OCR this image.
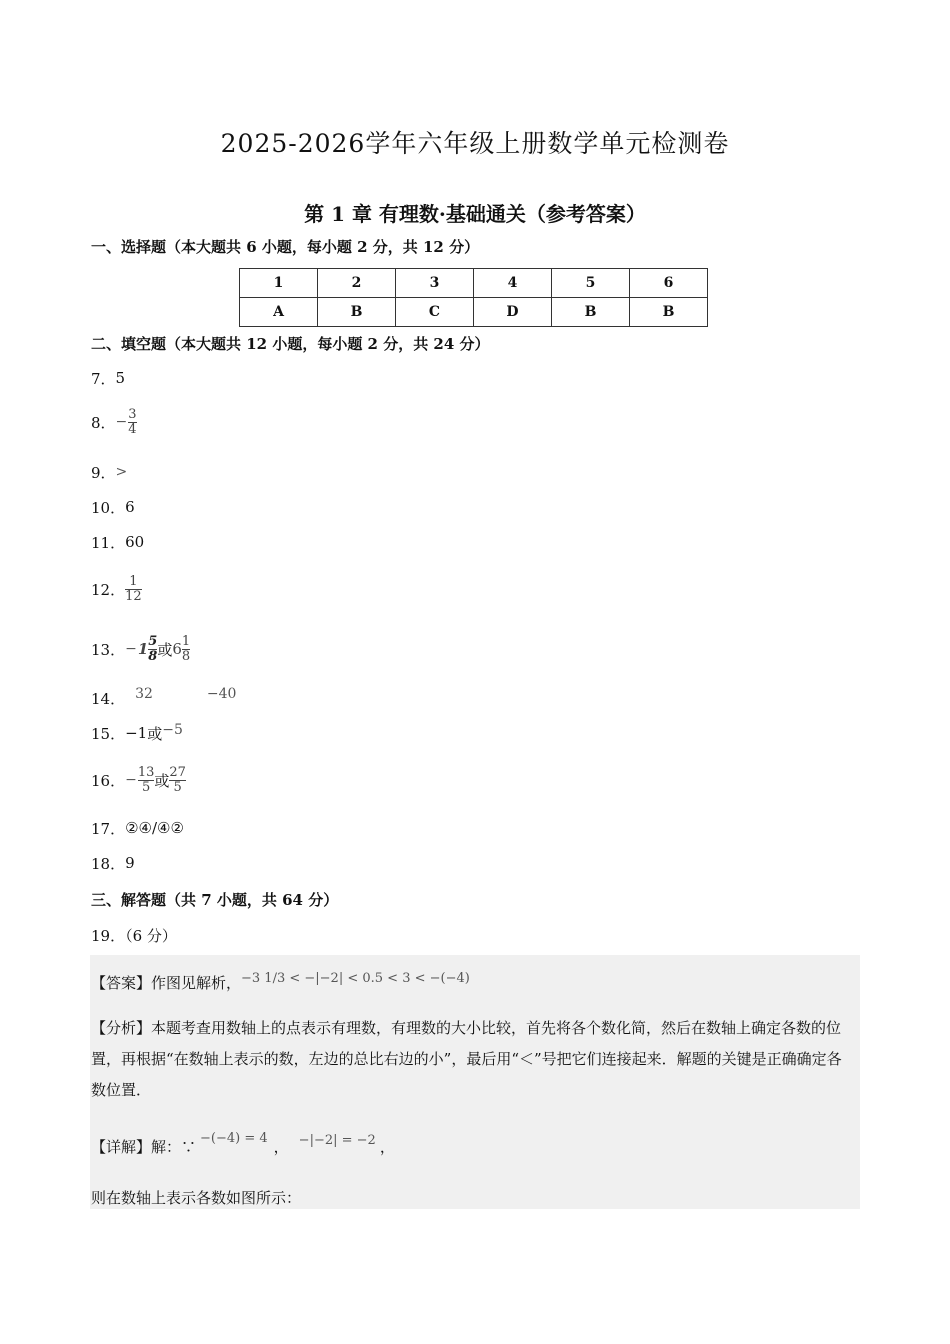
2025-2026学年六年级上册数学单元检测卷
第 1 章 有理数·基础通关（参考答案）
一、选择题（本大题共 6 小题，每小题 2 分，共 12 分）
1	2	3	4	5	6
A	B	C	D	B	B
二、填空题（本大题共 12 小题，每小题 2 分，共 24 分）
7． 5
8． − $\frac{3}{4}$
9． >
10． 6
11． 60
12． $\frac{1}{12}$
13． − $1 \frac{5}{8}$ 或 $6 \frac{1}{8}$
14． 32	−40
15． −1 或 −5
16． − $\frac{13}{5}$ 或 $\frac{27}{5}$
17． ②④/④②
18． 9
三、解答题（共 7 小题，共 64 分）
19．（6 分）
【答案】作图见解析， −3 1/3 < −|−2| < 0.5 < 3 < −(−4)
【分析】本题考查用数轴上的点表示有理数，有理数的大小比较，首先将各个数化简，然后在数轴上确定各数的位置，再根据“在数轴上表示的数，左边的总比右边的小”，最后用“＜”号把它们连接起来．解题的关键是正确确定各数位置．
【详解】解：∵ −(−4) = 4 ， −|−2| = −2 ，
则在数轴上表示各数如图所示：
